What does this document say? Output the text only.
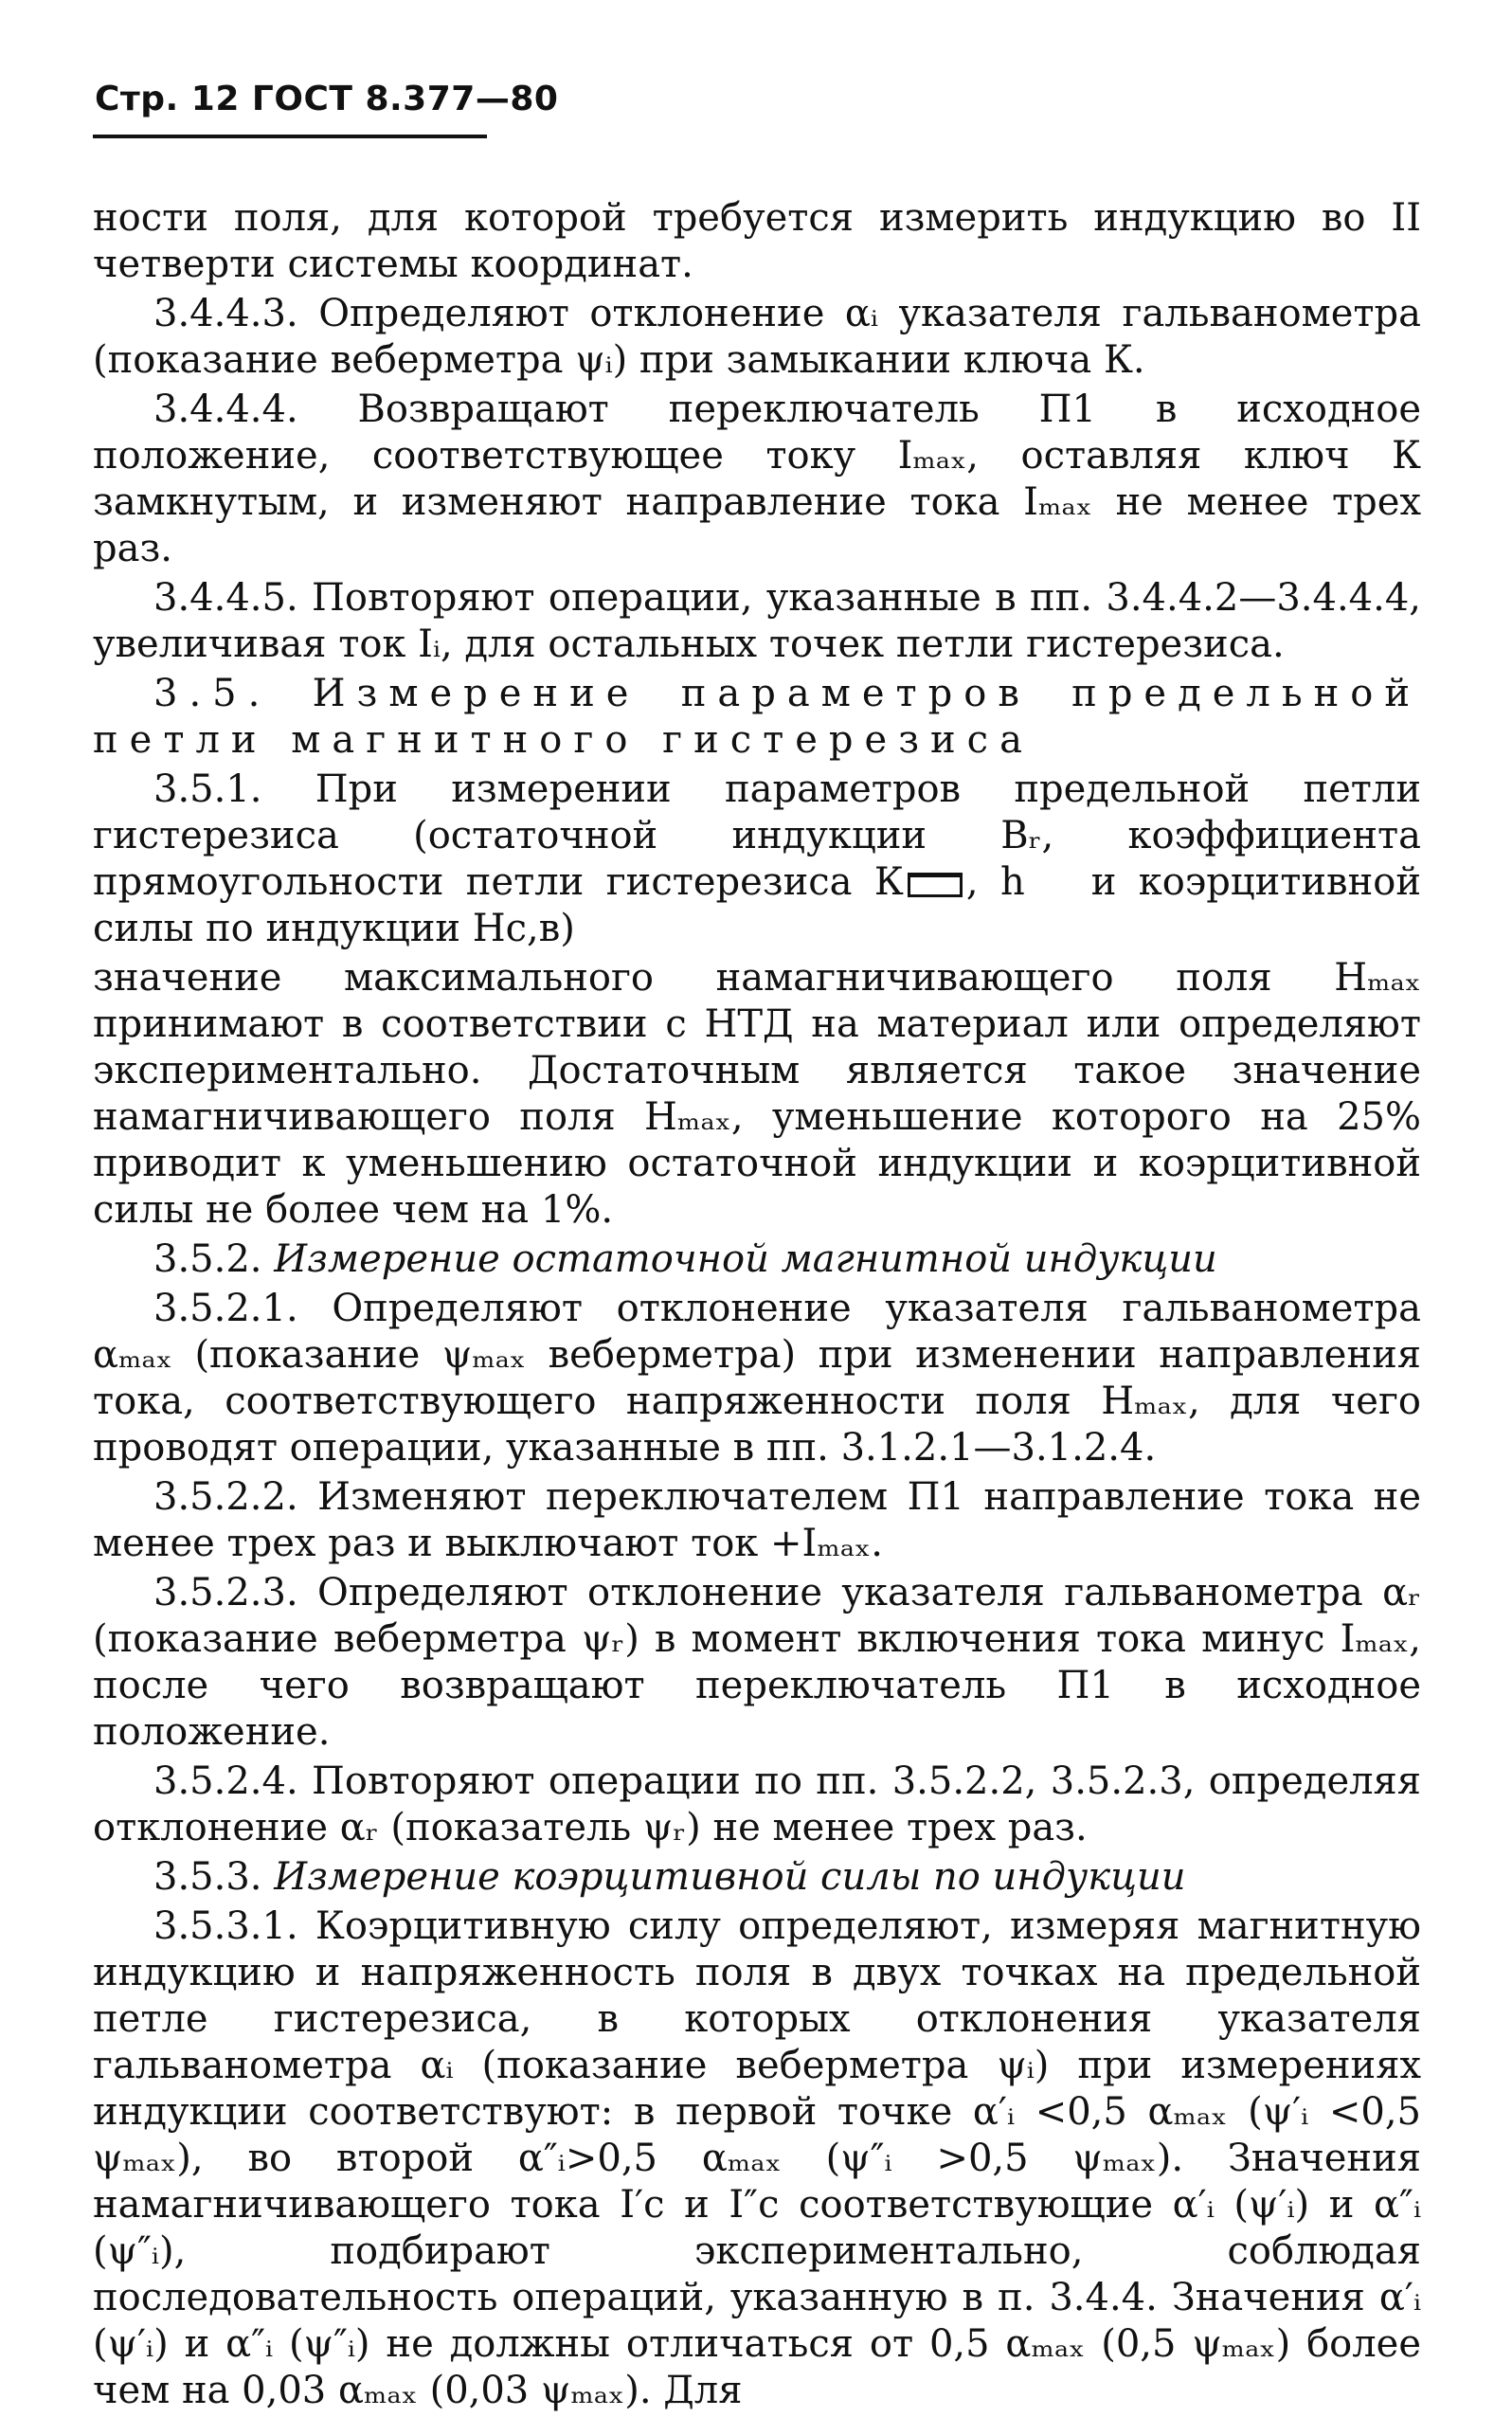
Стр. 12 ГОСТ 8.377—80

ности поля, для которой требуется измерить индукцию во II четверти системы координат.

3.4.4.3. Определяют отклонение αᵢ указателя гальванометра (показание веберметра ψᵢ) при замыкании ключа К.

3.4.4.4. Возвращают переключатель П1 в исходное положение, соответствующее току Iₘₐₓ, оставляя ключ К замкнутым, и изменяют направление тока Iₘₐₓ не менее трех раз.

3.4.4.5. Повторяют операции, указанные в пп. 3.4.4.2—3.4.4.4, увеличивая ток Iᵢ, для остальных точек петли гистерезиса.

3.5. Измерение параметров предельной петли магнитного гистерезиса

3.5.1. При измерении параметров предельной петли гистерезиса (остаточной индукции Bᵣ, коэффициента прямоугольности петли гистерезиса К , h и коэрцитивной силы по индукции Hc,в)

значение максимального намагничивающего поля Hₘₐₓ принимают в соответствии с НТД на материал или определяют экспериментально. Достаточным является такое значение намагничивающего поля Hₘₐₓ, уменьшение которого на 25% приводит к уменьшению остаточной индукции и коэрцитивной силы не более чем на 1%.

3.5.2. Измерение остаточной магнитной индукции

3.5.2.1. Определяют отклонение указателя гальванометра αₘₐₓ (показание ψₘₐₓ веберметра) при изменении направления тока, соответствующего напряженности поля Hₘₐₓ, для чего проводят операции, указанные в пп. 3.1.2.1—3.1.2.4.

3.5.2.2. Изменяют переключателем П1 направление тока не менее трех раз и выключают ток +Iₘₐₓ.

3.5.2.3. Определяют отклонение указателя гальванометра αᵣ (показание веберметра ψᵣ) в момент включения тока минус Iₘₐₓ, после чего возвращают переключатель П1 в исходное положение.

3.5.2.4. Повторяют операции по пп. 3.5.2.2, 3.5.2.3, определяя отклонение αᵣ (показатель ψᵣ) не менее трех раз.

3.5.3. Измерение коэрцитивной силы по индукции

3.5.3.1. Коэрцитивную силу определяют, измеряя магнитную индукцию и напряженность поля в двух точках на предельной петле гистерезиса, в которых отклонения указателя гальванометра αᵢ (показание веберметра ψᵢ) при измерениях индукции соответствуют: в первой точке α′ᵢ <0,5 αₘₐₓ (ψ′ᵢ <0,5 ψₘₐₓ), во второй α″ᵢ>0,5 αₘₐₓ (ψ″ᵢ >0,5 ψₘₐₓ). Значения намагничивающего тока I′c и I″c соответствующие α′ᵢ (ψ′ᵢ) и α″ᵢ (ψ″ᵢ), подбирают экспериментально, соблюдая последовательность операций, указанную в п. 3.4.4. Значения α′ᵢ (ψ′ᵢ) и α″ᵢ (ψ″ᵢ) не должны отличаться от 0,5 αₘₐₓ (0,5 ψₘₐₓ) более чем на 0,03 αₘₐₓ (0,03 ψₘₐₓ). Для
